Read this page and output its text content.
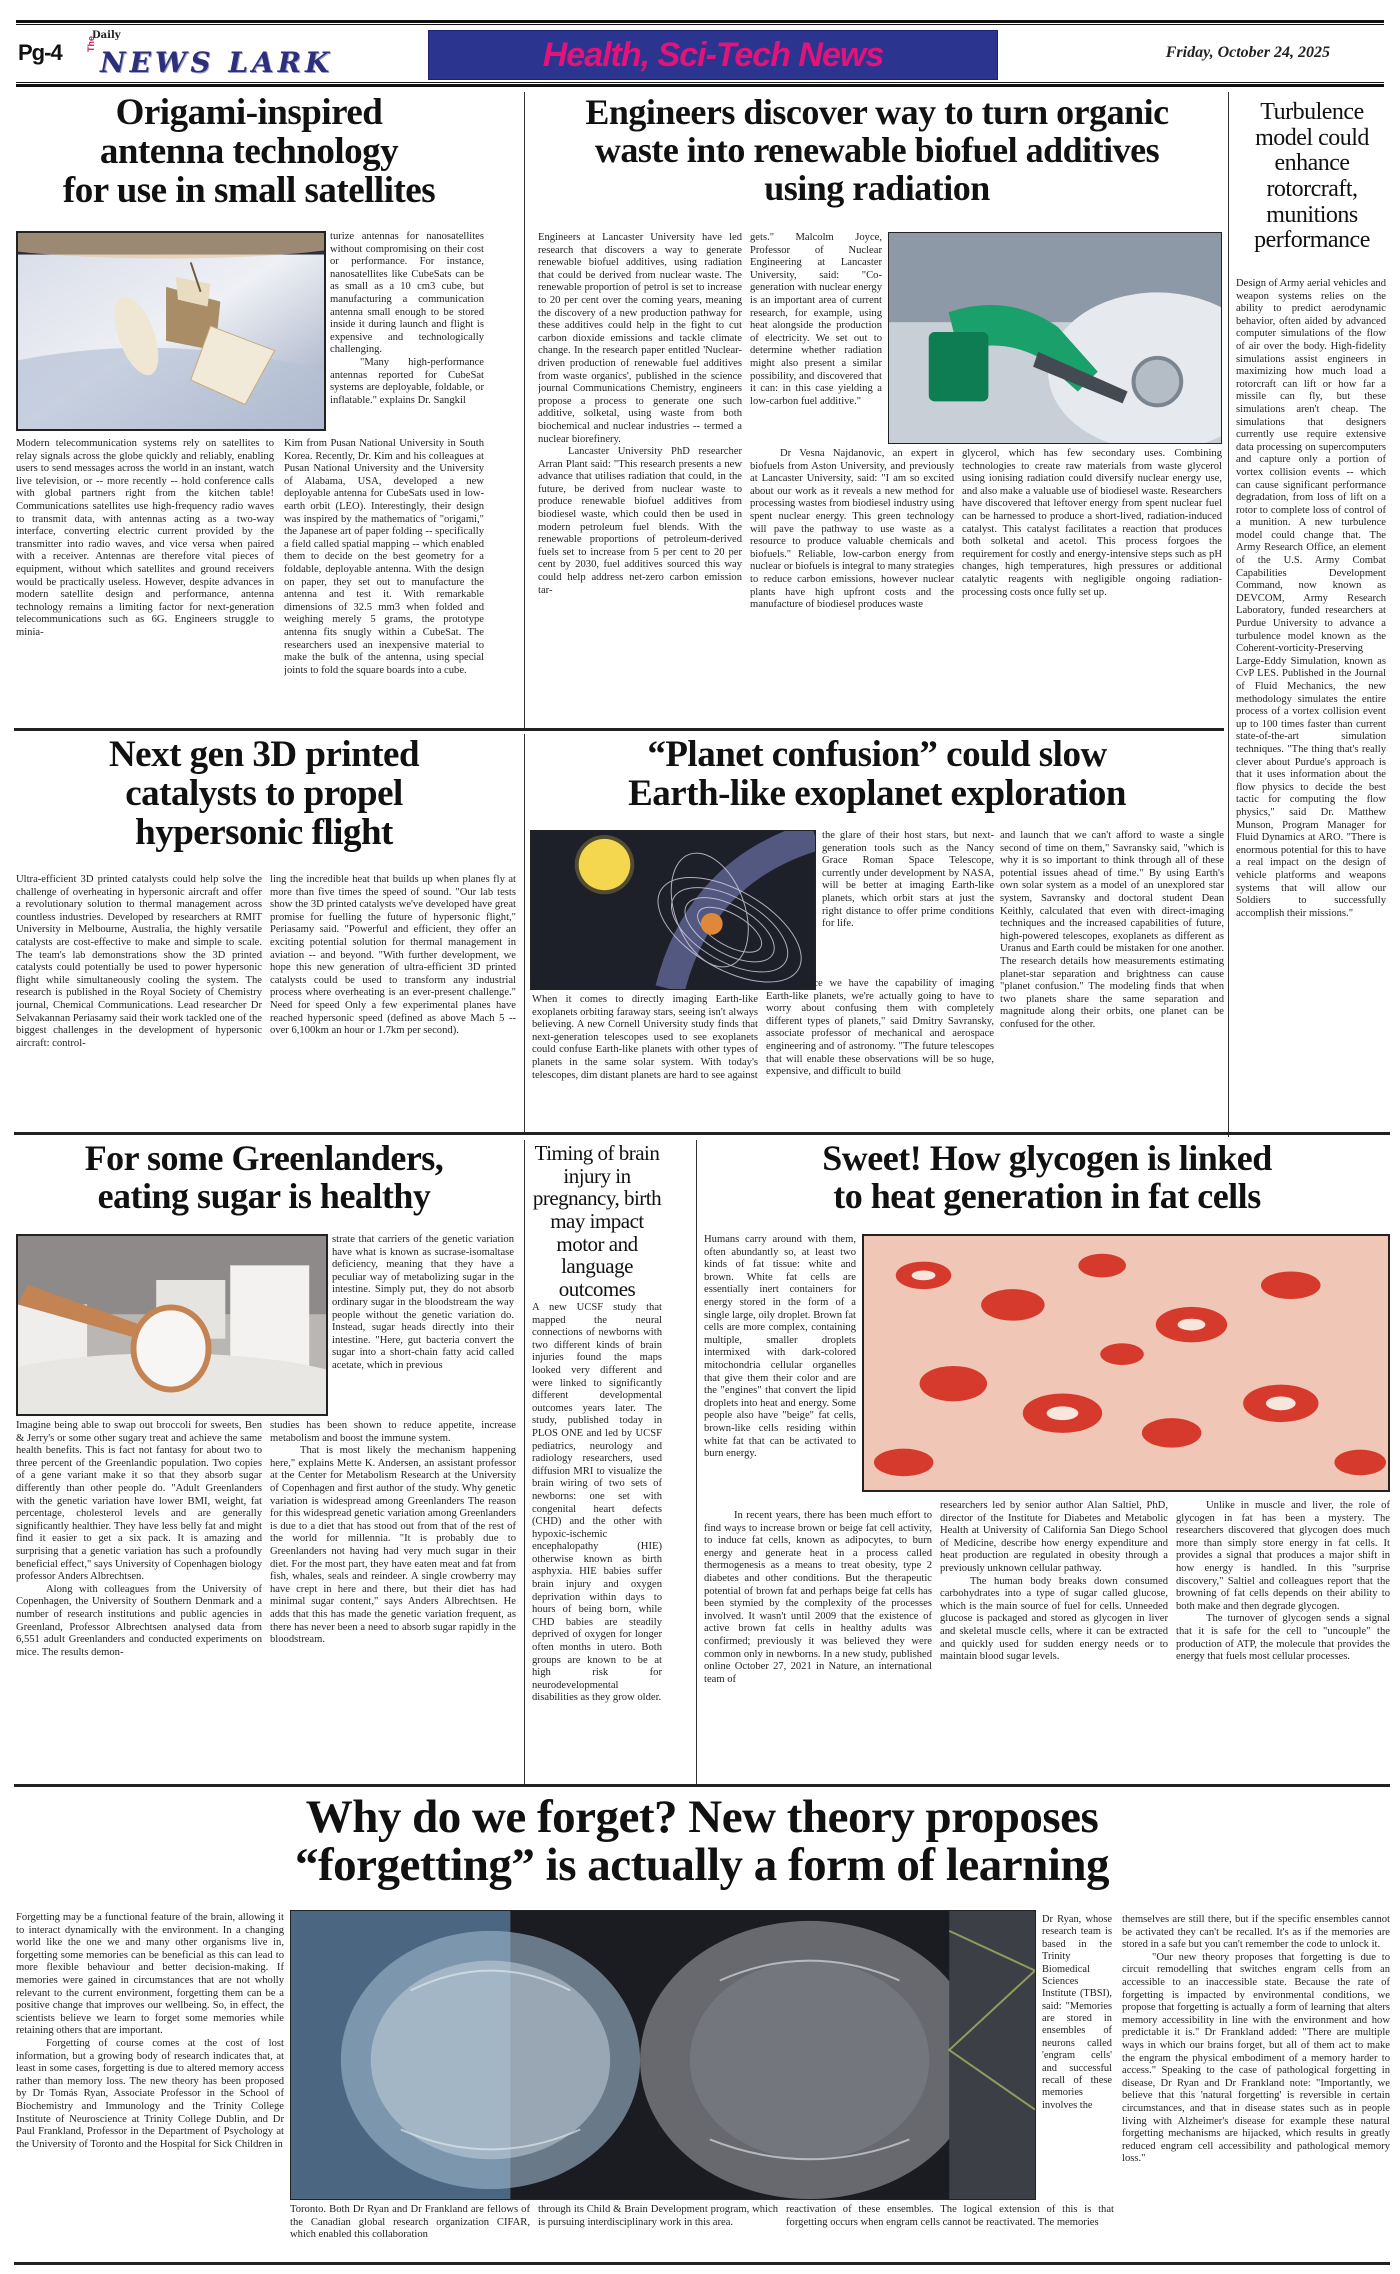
Pg-4
Daily
The
NEWS LARK	Health, Sci-Tech News	Friday, October 24, 2025
Origami-inspired
antenna technology
for use in small satellites

turize antennas for nanosatellites without compromising on their cost or performance. For instance, nanosatellites like CubeSats can be as small as a 10 cm3 cube, but manufacturing a communication antenna small enough to be stored inside it during launch and flight is expensive and technologically challenging.

"Many high-performance antennas reported for CubeSat systems are deployable, foldable, or inflatable." explains Dr. Sangkil

Modern telecommunication systems rely on satellites to relay signals across the globe quickly and reliably, enabling users to send messages across the world in an instant, watch live television, or -- more recently -- hold conference calls with global partners right from the kitchen table! Communications satellites use high-frequency radio waves to transmit data, with antennas acting as a two-way interface, converting electric current provided by the transmitter into radio waves, and vice versa when paired with a receiver. Antennas are therefore vital pieces of equipment, without which satellites and ground receivers would be practically useless. However, despite advances in modern satellite design and performance, antenna technology remains a limiting factor for next-generation telecommunications such as 6G. Engineers struggle to minia-

Kim from Pusan National University in South Korea. Recently, Dr. Kim and his colleagues at Pusan National University and the University of Alabama, USA, developed a new deployable antenna for CubeSats used in low-earth orbit (LEO). Interestingly, their design was inspired by the mathematics of "origami," the Japanese art of paper folding -- specifically a field called spatial mapping -- which enabled them to decide on the best geometry for a foldable, deployable antenna. With the design on paper, they set out to manufacture the antenna and test it. With remarkable dimensions of 32.5 mm3 when folded and weighing merely 5 grams, the prototype antenna fits snugly within a CubeSat. The researchers used an inexpensive material to make the bulk of the antenna, using special joints to fold the square boards into a cube.

Engineers discover way to turn organic
waste into renewable biofuel additives
using radiation

Engineers at Lancaster University have led research that discovers a way to generate renewable biofuel additives, using radiation that could be derived from nuclear waste. The renewable proportion of petrol is set to increase to 20 per cent over the coming years, meaning the discovery of a new production pathway for these additives could help in the fight to cut carbon dioxide emissions and tackle climate change. In the research paper entitled 'Nuclear-driven production of renewable fuel additives from waste organics', published in the science journal Communications Chemistry, engineers propose a process to generate one such additive, solketal, using waste from both biochemical and nuclear industries -- termed a nuclear biorefinery.

Lancaster University PhD researcher Arran Plant said: "This research presents a new advance that utilises radiation that could, in the future, be derived from nuclear waste to produce renewable biofuel additives from biodiesel waste, which could then be used in modern petroleum fuel blends. With the renewable proportions of petroleum-derived fuels set to increase from 5 per cent to 20 per cent by 2030, fuel additives sourced this way could help address net-zero carbon emission tar-

gets." Malcolm Joyce, Professor of Nuclear Engineering at Lancaster University, said: "Co-generation with nuclear energy is an important area of current research, for example, using heat alongside the production of electricity. We set out to determine whether radiation might also present a similar possibility, and discovered that it can: in this case yielding a low-carbon fuel additive."

Dr Vesna Najdanovic, an expert in biofuels from Aston University, and previously at Lancaster University, said: "I am so excited about our work as it reveals a new method for processing wastes from biodiesel industry using spent nuclear energy. This green technology will pave the pathway to use waste as a resource to produce valuable chemicals and biofuels." Reliable, low-carbon energy from nuclear or biofuels is integral to many strategies to reduce carbon emissions, however nuclear plants have high upfront costs and the manufacture of biodiesel produces waste

glycerol, which has few secondary uses. Combining technologies to create raw materials from waste glycerol using ionising radiation could diversify nuclear energy use, and also make a valuable use of biodiesel waste. Researchers have discovered that leftover energy from spent nuclear fuel can be harnessed to produce a short-lived, radiation-induced catalyst. This catalyst facilitates a reaction that produces both solketal and acetol. This process forgoes the requirement for costly and energy-intensive steps such as pH changes, high temperatures, high pressures or additional catalytic reagents with negligible ongoing radiation-processing costs once fully set up.

Turbulence
model could
enhance
rotorcraft,
munitions
performance

Design of Army aerial vehicles and weapon systems relies on the ability to predict aerodynamic behavior, often aided by advanced computer simulations of the flow of air over the body. High-fidelity simulations assist engineers in maximizing how much load a rotorcraft can lift or how far a missile can fly, but these simulations aren't cheap. The simulations that designers currently use require extensive data processing on supercomputers and capture only a portion of vortex collision events -- which can cause significant performance degradation, from loss of lift on a rotor to complete loss of control of a munition. A new turbulence model could change that. The Army Research Office, an element of the U.S. Army Combat Capabilities Development Command, now known as DEVCOM, Army Research Laboratory, funded researchers at Purdue University to advance a turbulence model known as the Coherent-vorticity-Preserving Large-Eddy Simulation, known as CvP LES. Published in the Journal of Fluid Mechanics, the new methodology simulates the entire process of a vortex collision event up to 100 times faster than current state-of-the-art simulation techniques. "The thing that's really clever about Purdue's approach is that it uses information about the flow physics to decide the best tactic for computing the flow physics," said Dr. Matthew Munson, Program Manager for Fluid Dynamics at ARO. "There is enormous potential for this to have a real impact on the design of vehicle platforms and weapons systems that will allow our Soldiers to successfully accomplish their missions."

Next gen 3D printed
catalysts to propel
hypersonic flight

Ultra-efficient 3D printed catalysts could help solve the challenge of overheating in hypersonic aircraft and offer a revolutionary solution to thermal management across countless industries. Developed by researchers at RMIT University in Melbourne, Australia, the highly versatile catalysts are cost-effective to make and simple to scale. The team's lab demonstrations show the 3D printed catalysts could potentially be used to power hypersonic flight while simultaneously cooling the system. The research is published in the Royal Society of Chemistry journal, Chemical Communications. Lead researcher Dr Selvakannan Periasamy said their work tackled one of the biggest challenges in the development of hypersonic aircraft: control-

ling the incredible heat that builds up when planes fly at more than five times the speed of sound. "Our lab tests show the 3D printed catalysts we've developed have great promise for fuelling the future of hypersonic flight," Periasamy said. "Powerful and efficient, they offer an exciting potential solution for thermal management in aviation -- and beyond. "With further development, we hope this new generation of ultra-efficient 3D printed catalysts could be used to transform any industrial process where overheating is an ever-present challenge." Need for speed Only a few experimental planes have reached hypersonic speed (defined as above Mach 5 -- over 6,100km an hour or 1.7km per second).

“Planet confusion” could slow
Earth-like exoplanet exploration

the glare of their host stars, but next-generation tools such as the Nancy Grace Roman Space Telescope, currently under development by NASA, will be better at imaging Earth-like planets, which orbit stars at just the right distance to offer prime conditions for life.

When it comes to directly imaging Earth-like exoplanets orbiting faraway stars, seeing isn't always believing. A new Cornell University study finds that next-generation telescopes used to see exoplanets could confuse Earth-like planets with other types of planets in the same solar system. With today's telescopes, dim distant planets are hard to see against

"Once we have the capability of imaging Earth-like planets, we're actually going to have to worry about confusing them with completely different types of planets," said Dmitry Savransky, associate professor of mechanical and aerospace engineering and of astronomy. "The future telescopes that will enable these observations will be so huge, expensive, and difficult to build

and launch that we can't afford to waste a single second of time on them," Savransky said, "which is why it is so important to think through all of these potential issues ahead of time." By using Earth's own solar system as a model of an unexplored star system, Savransky and doctoral student Dean Keithly, calculated that even with direct-imaging techniques and the increased capabilities of future, high-powered telescopes, exoplanets as different as Uranus and Earth could be mistaken for one another. The research details how measurements estimating planet-star separation and brightness can cause "planet confusion." The modeling finds that when two planets share the same separation and magnitude along their orbits, one planet can be confused for the other.

For some Greenlanders,
eating sugar is healthy

strate that carriers of the genetic variation have what is known as sucrase-isomaltase deficiency, meaning that they have a peculiar way of metabolizing sugar in the intestine. Simply put, they do not absorb ordinary sugar in the bloodstream the way people without the genetic variation do. Instead, sugar heads directly into their intestine. "Here, gut bacteria convert the sugar into a short-chain fatty acid called acetate, which in previous

Imagine being able to swap out broccoli for sweets, Ben & Jerry's or some other sugary treat and achieve the same health benefits. This is fact not fantasy for about two to three percent of the Greenlandic population. Two copies of a gene variant make it so that they absorb sugar differently than other people do. "Adult Greenlanders with the genetic variation have lower BMI, weight, fat percentage, cholesterol levels and are generally significantly healthier. They have less belly fat and might find it easier to get a six pack. It is amazing and surprising that a genetic variation has such a profoundly beneficial effect," says University of Copenhagen biology professor Anders Albrechtsen.

Along with colleagues from the University of Copenhagen, the University of Southern Denmark and a number of research institutions and public agencies in Greenland, Professor Albrechtsen analysed data from 6,551 adult Greenlanders and conducted experiments on mice. The results demon-

studies has been shown to reduce appetite, increase metabolism and boost the immune system.

That is most likely the mechanism happening here," explains Mette K. Andersen, an assistant professor at the Center for Metabolism Research at the University of Copenhagen and first author of the study. Why genetic variation is widespread among Greenlanders The reason for this widespread genetic variation among Greenlanders is due to a diet that has stood out from that of the rest of the world for millennia. "It is probably due to Greenlanders not having had very much sugar in their diet. For the most part, they have eaten meat and fat from fish, whales, seals and reindeer. A single crowberry may have crept in here and there, but their diet has had minimal sugar content," says Anders Albrechtsen. He adds that this has made the genetic variation frequent, as there has never been a need to absorb sugar rapidly in the bloodstream.

Timing of brain
injury in
pregnancy, birth
may impact
motor and
language
outcomes

A new UCSF study that mapped the neural connections of newborns with two different kinds of brain injuries found the maps looked very different and were linked to significantly different developmental outcomes years later. The study, published today in PLOS ONE and led by UCSF pediatrics, neurology and radiology researchers, used diffusion MRI to visualize the brain wiring of two sets of newborns: one set with congenital heart defects (CHD) and the other with hypoxic-ischemic encephalopathy (HIE) otherwise known as birth asphyxia. HIE babies suffer brain injury and oxygen deprivation within days to hours of being born, while CHD babies are steadily deprived of oxygen for longer often months in utero. Both groups are known to be at high risk for neurodevelopmental disabilities as they grow older.

Sweet! How glycogen is linked
to heat generation in fat cells

Humans carry around with them, often abundantly so, at least two kinds of fat tissue: white and brown. White fat cells are essentially inert containers for energy stored in the form of a single large, oily droplet. Brown fat cells are more complex, containing multiple, smaller droplets intermixed with dark-colored mitochondria cellular organelles that give them their color and are the "engines" that convert the lipid droplets into heat and energy. Some people also have "beige" fat cells, brown-like cells residing within white fat that can be activated to burn energy.

In recent years, there has been much effort to find ways to increase brown or beige fat cell activity, to induce fat cells, known as adipocytes, to burn energy and generate heat in a process called thermogenesis as a means to treat obesity, type 2 diabetes and other conditions. But the therapeutic potential of brown fat and perhaps beige fat cells has been stymied by the complexity of the processes involved. It wasn't until 2009 that the existence of active brown fat cells in healthy adults was confirmed; previously it was believed they were common only in newborns. In a new study, published online October 27, 2021 in Nature, an international team of

researchers led by senior author Alan Saltiel, PhD, director of the Institute for Diabetes and Metabolic Health at University of California San Diego School of Medicine, describe how energy expenditure and heat production are regulated in obesity through a previously unknown cellular pathway.

The human body breaks down consumed carbohydrates into a type of sugar called glucose, which is the main source of fuel for cells. Unneeded glucose is packaged and stored as glycogen in liver and skeletal muscle cells, where it can be extracted and quickly used for sudden energy needs or to maintain blood sugar levels.

Unlike in muscle and liver, the role of glycogen in fat has been a mystery. The researchers discovered that glycogen does much more than simply store energy in fat cells. It provides a signal that produces a major shift in how energy is handled. In this "surprise discovery," Saltiel and colleagues report that the browning of fat cells depends on their ability to both make and then degrade glycogen.

The turnover of glycogen sends a signal that it is safe for the cell to "uncouple" the production of ATP, the molecule that provides the energy that fuels most cellular processes.

Why do we forget? New theory proposes
“forgetting” is actually a form of learning

Forgetting may be a functional feature of the brain, allowing it to interact dynamically with the environment. In a changing world like the one we and many other organisms live in, forgetting some memories can be beneficial as this can lead to more flexible behaviour and better decision-making. If memories were gained in circumstances that are not wholly relevant to the current environment, forgetting them can be a positive change that improves our wellbeing. So, in effect, the scientists believe we learn to forget some memories while retaining others that are important.

Forgetting of course comes at the cost of lost information, but a growing body of research indicates that, at least in some cases, forgetting is due to altered memory access rather than memory loss. The new theory has been proposed by Dr Tomás Ryan, Associate Professor in the School of Biochemistry and Immunology and the Trinity College Institute of Neuroscience at Trinity College Dublin, and Dr Paul Frankland, Professor in the Department of Psychology at the University of Toronto and the Hospital for Sick Children in

Dr Ryan, whose research team is based in the Trinity Biomedical Sciences Institute (TBSI), said: "Memories are stored in ensembles of neurons called 'engram cells' and successful recall of these memories involves the

Toronto. Both Dr Ryan and Dr Frankland are fellows of the Canadian global research organization CIFAR, which enabled this collaboration

through its Child & Brain Development program, which is pursuing interdisciplinary work in this area.

reactivation of these ensembles. The logical extension of this is that forgetting occurs when engram cells cannot be reactivated. The memories

themselves are still there, but if the specific ensembles cannot be activated they can't be recalled. It's as if the memories are stored in a safe but you can't remember the code to unlock it.

"Our new theory proposes that forgetting is due to circuit remodelling that switches engram cells from an accessible to an inaccessible state. Because the rate of forgetting is impacted by environmental conditions, we propose that forgetting is actually a form of learning that alters memory accessibility in line with the environment and how predictable it is." Dr Frankland added: "There are multiple ways in which our brains forget, but all of them act to make the engram the physical embodiment of a memory harder to access." Speaking to the case of pathological forgetting in disease, Dr Ryan and Dr Frankland note: "Importantly, we believe that this 'natural forgetting' is reversible in certain circumstances, and that in disease states such as in people living with Alzheimer's disease for example these natural forgetting mechanisms are hijacked, which results in greatly reduced engram cell accessibility and pathological memory loss."
